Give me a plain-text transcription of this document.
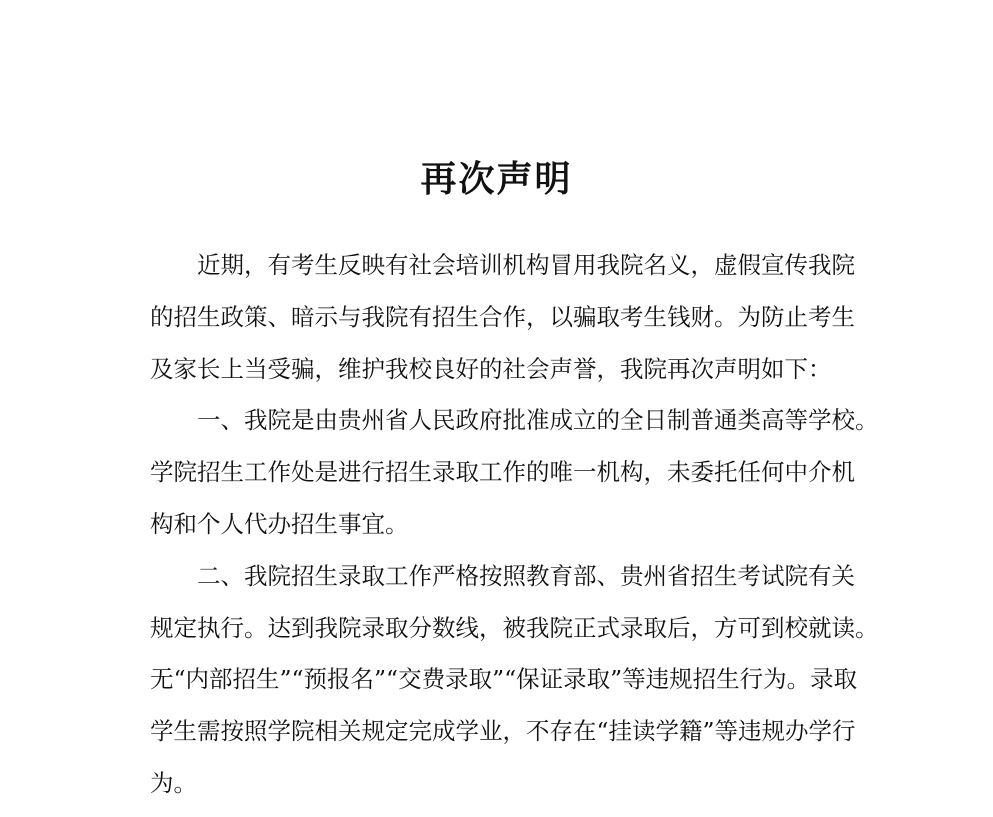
再次声明
近期，有考生反映有社会培训机构冒用我院名义，虚假宣传我院
的招生政策、暗示与我院有招生合作，以骗取考生钱财。为防止考生
及家长上当受骗，维护我校良好的社会声誉，我院再次声明如下：
一、我院是由贵州省人民政府批准成立的全日制普通类高等学校。
学院招生工作处是进行招生录取工作的唯一机构，未委托任何中介机
构和个人代办招生事宜。
二、我院招生录取工作严格按照教育部、贵州省招生考试院有关
规定执行。达到我院录取分数线，被我院正式录取后，方可到校就读。
无“内部招生”“预报名”“交费录取”“保证录取”等违规招生行为。录取
学生需按照学院相关规定完成学业，不存在“挂读学籍”等违规办学行
为。
